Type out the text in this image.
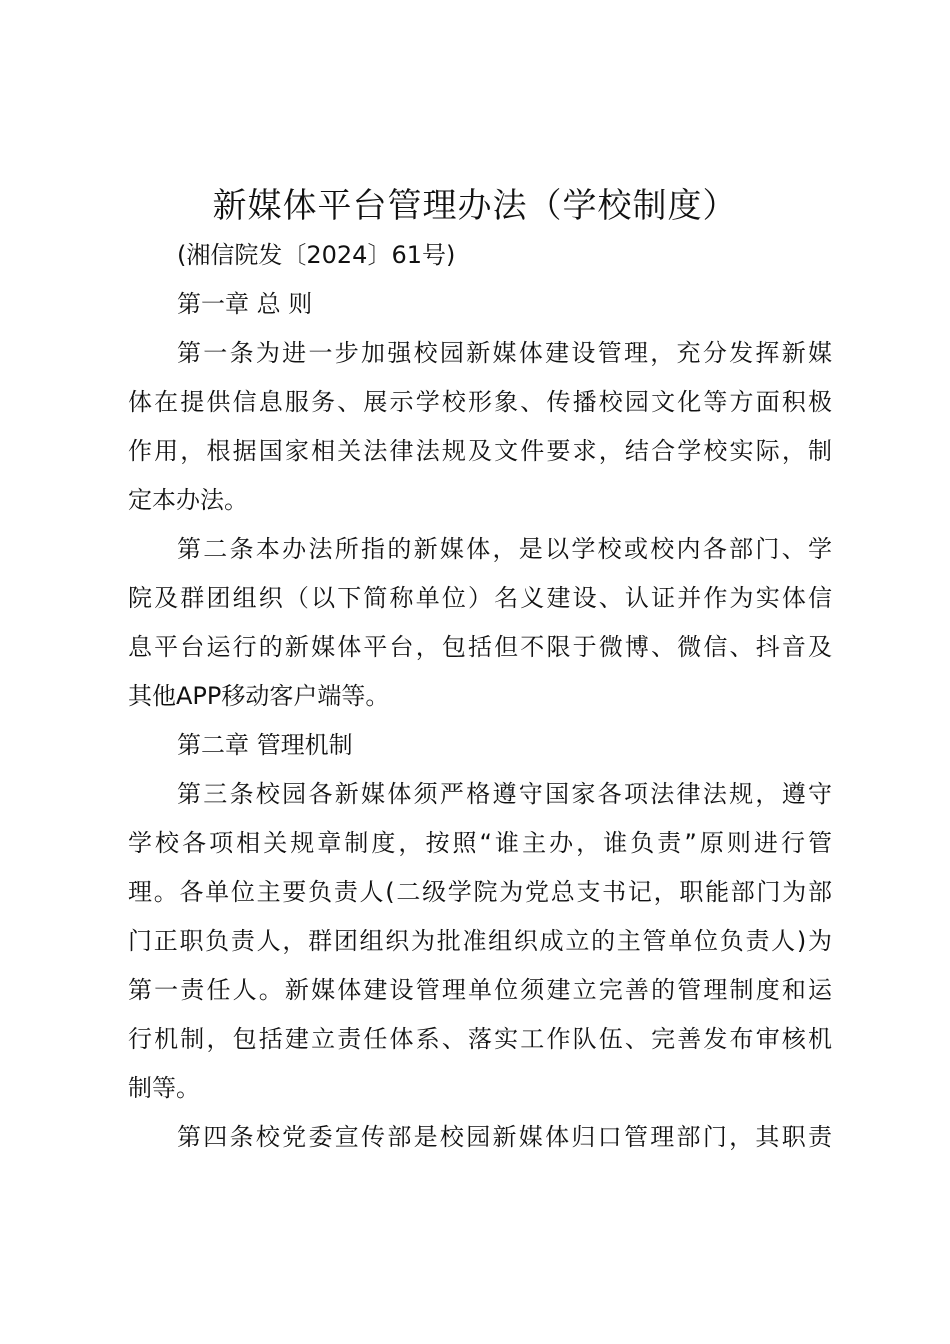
新媒体平台管理办法（学校制度）
(湘信院发〔2024〕61号)
第一章 总 则
第一条为进一步加强校园新媒体建设管理，充分发挥新媒
体在提供信息服务、展示学校形象、传播校园文化等方面积极
作用，根据国家相关法律法规及文件要求，结合学校实际，制
定本办法。
第二条本办法所指的新媒体，是以学校或校内各部门、学
院及群团组织（以下简称单位）名义建设、认证并作为实体信
息平台运行的新媒体平台，包括但不限于微博、微信、抖音及
其他APP移动客户端等。
第二章 管理机制
第三条校园各新媒体须严格遵守国家各项法律法规，遵守
学校各项相关规章制度，按照“谁主办，谁负责”原则进行管
理。各单位主要负责人(二级学院为党总支书记，职能部门为部
门正职负责人，群团组织为批准组织成立的主管单位负责人)为
第一责任人。新媒体建设管理单位须建立完善的管理制度和运
行机制，包括建立责任体系、落实工作队伍、完善发布审核机
制等。
第四条校党委宣传部是校园新媒体归口管理部门，其职责
